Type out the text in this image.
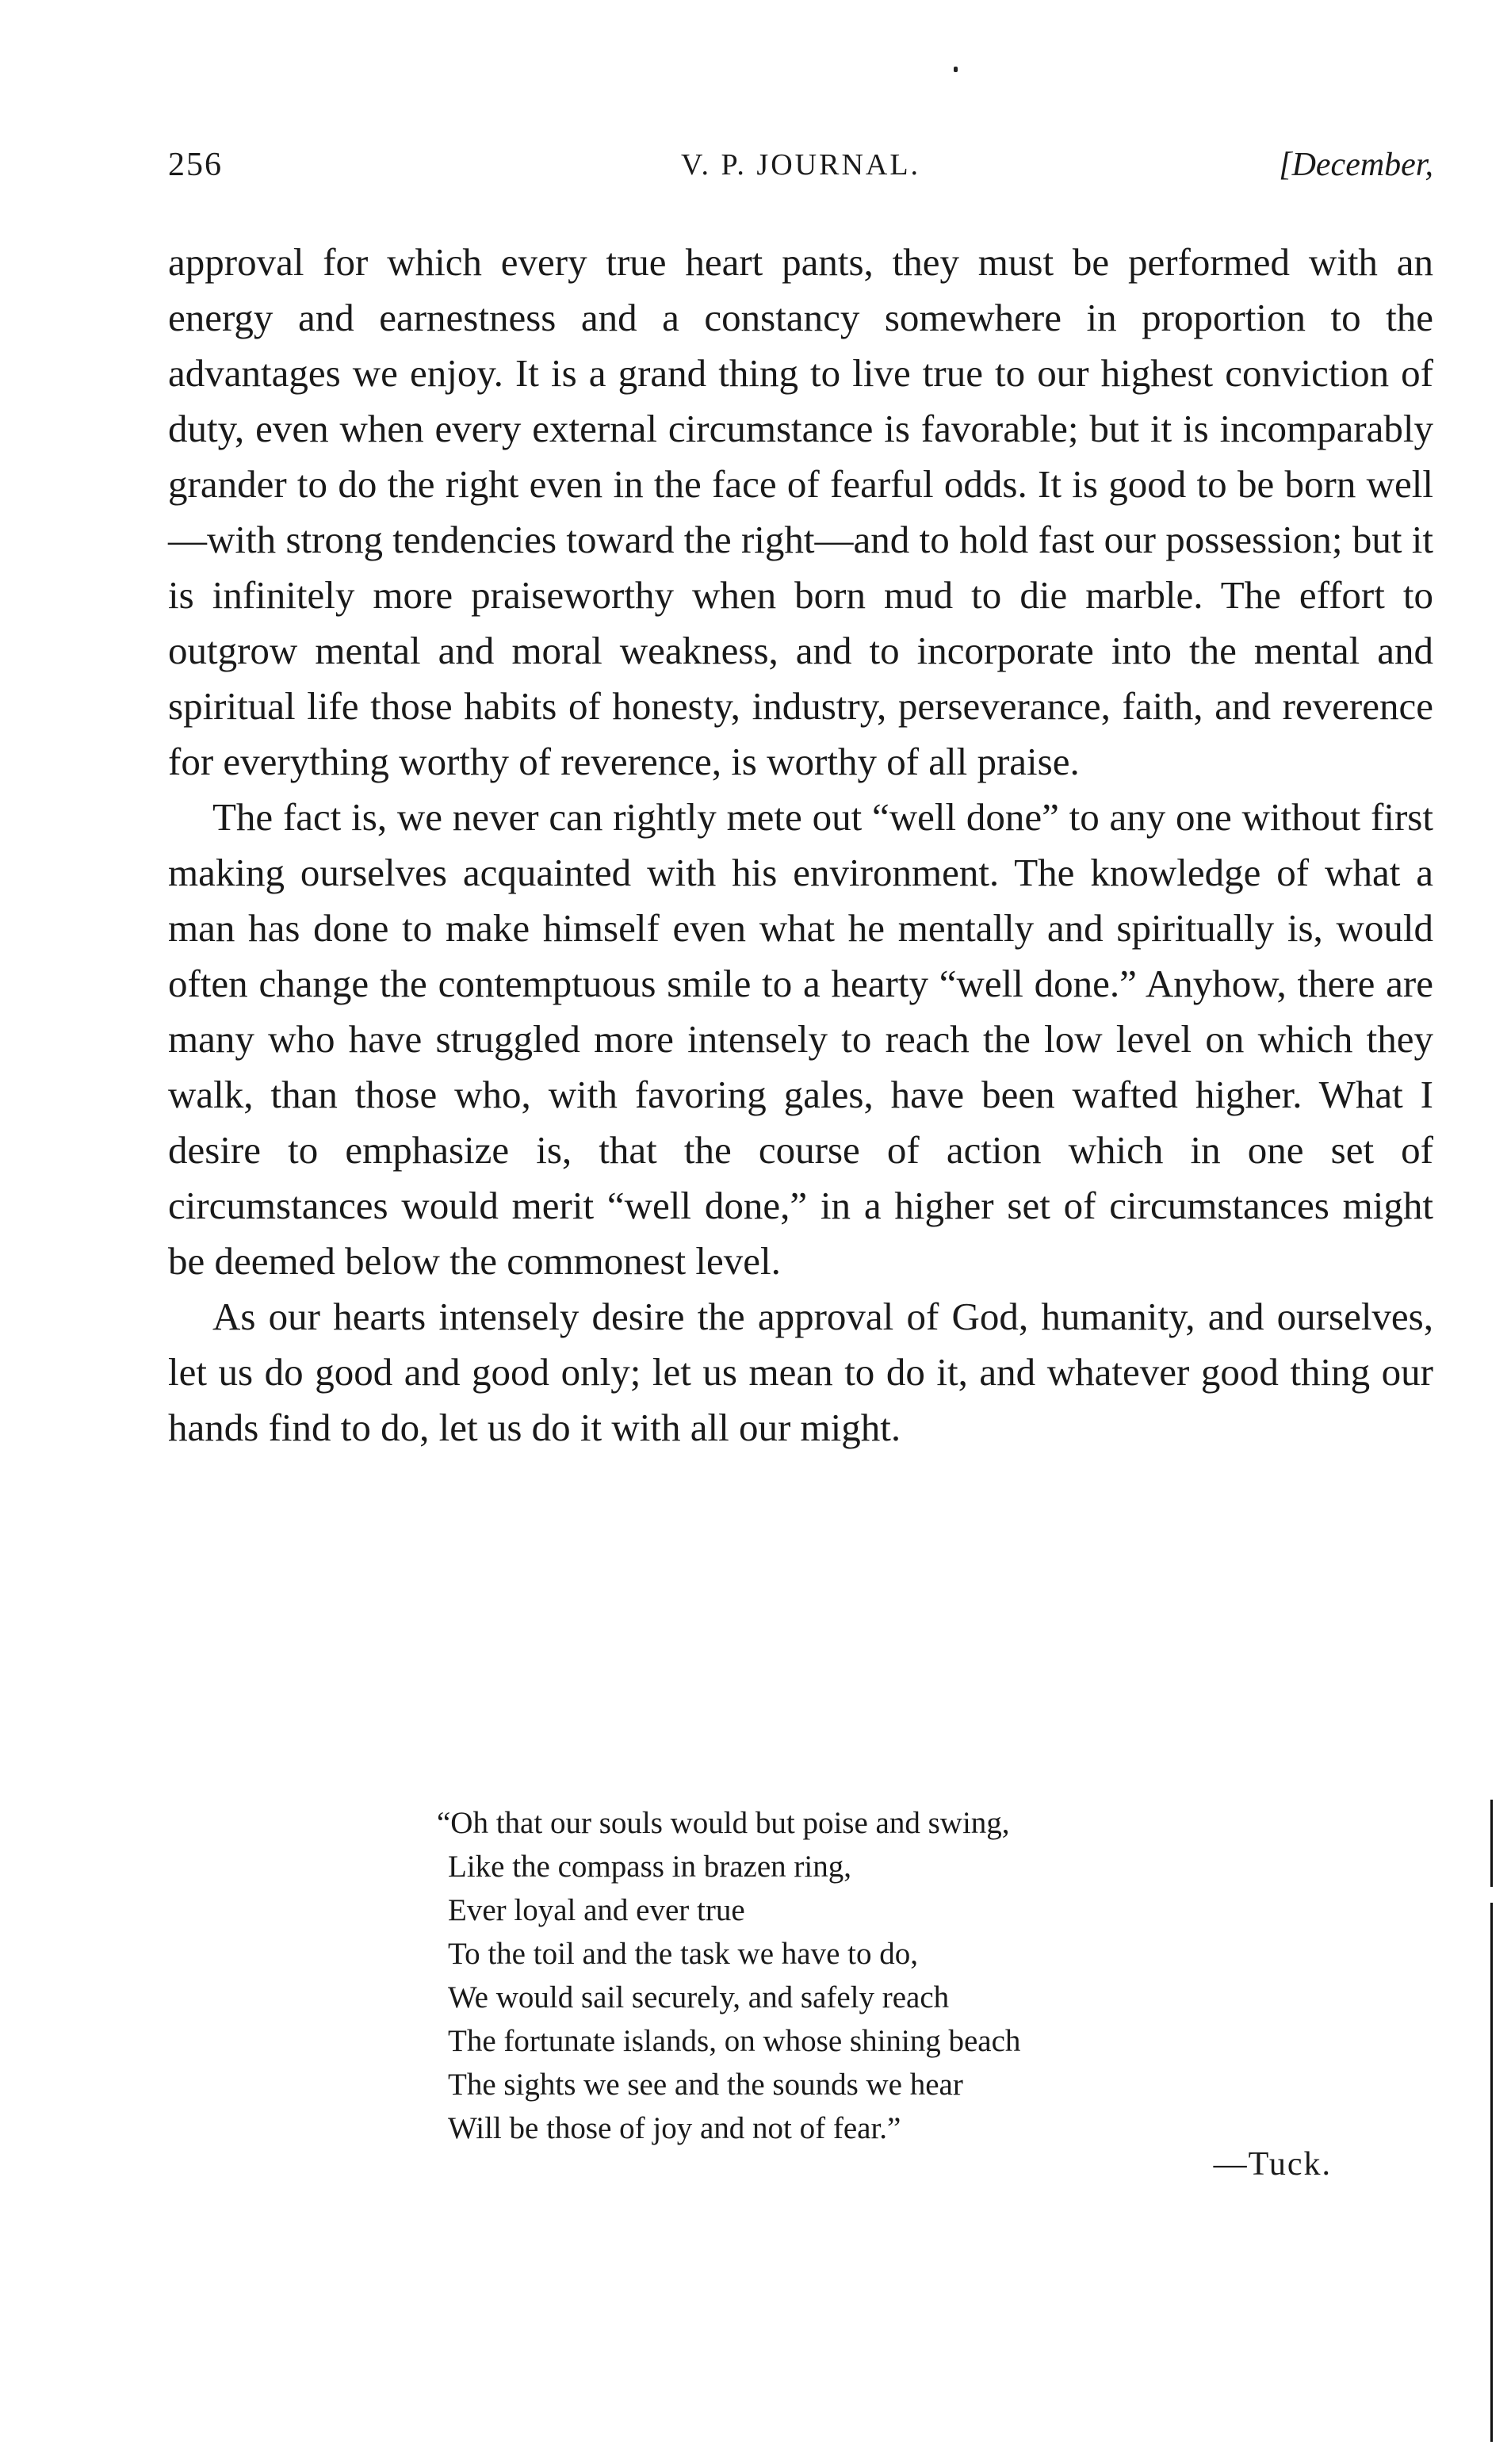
256	V. P. JOURNAL.	[December,

approval for which every true heart pants, they must be performed with an energy and earnestness and a constancy somewhere in proportion to the advantages we enjoy. It is a grand thing to live true to our highest conviction of duty, even when every external circumstance is favorable; but it is incomparably grander to do the right even in the face of fearful odds. It is good to be born well—with strong tendencies toward the right—and to hold fast our possession; but it is infinitely more praiseworthy when born mud to die marble. The effort to outgrow mental and moral weakness, and to incorporate into the mental and spiritual life those habits of honesty, industry, perseverance, faith, and reverence for everything worthy of reverence, is worthy of all praise.

The fact is, we never can rightly mete out “well done” to any one without first making ourselves acquainted with his environment. The knowledge of what a man has done to make himself even what he mentally and spiritually is, would often change the contemptuous smile to a hearty “well done.” Anyhow, there are many who have struggled more intensely to reach the low level on which they walk, than those who, with favoring gales, have been wafted higher. What I desire to emphasize is, that the course of action which in one set of circumstances would merit “well done,” in a higher set of circumstances might be deemed below the commonest level.

As our hearts intensely desire the approval of God, humanity, and ourselves, let us do good and good only; let us mean to do it, and whatever good thing our hands find to do, let us do it with all our might.

“Oh that our souls would but poise and swing,
Like the compass in brazen ring,
Ever loyal and ever true
To the toil and the task we have to do,
We would sail securely, and safely reach
The fortunate islands, on whose shining beach
The sights we see and the sounds we hear
Will be those of joy and not of fear.”
—Tuck.
